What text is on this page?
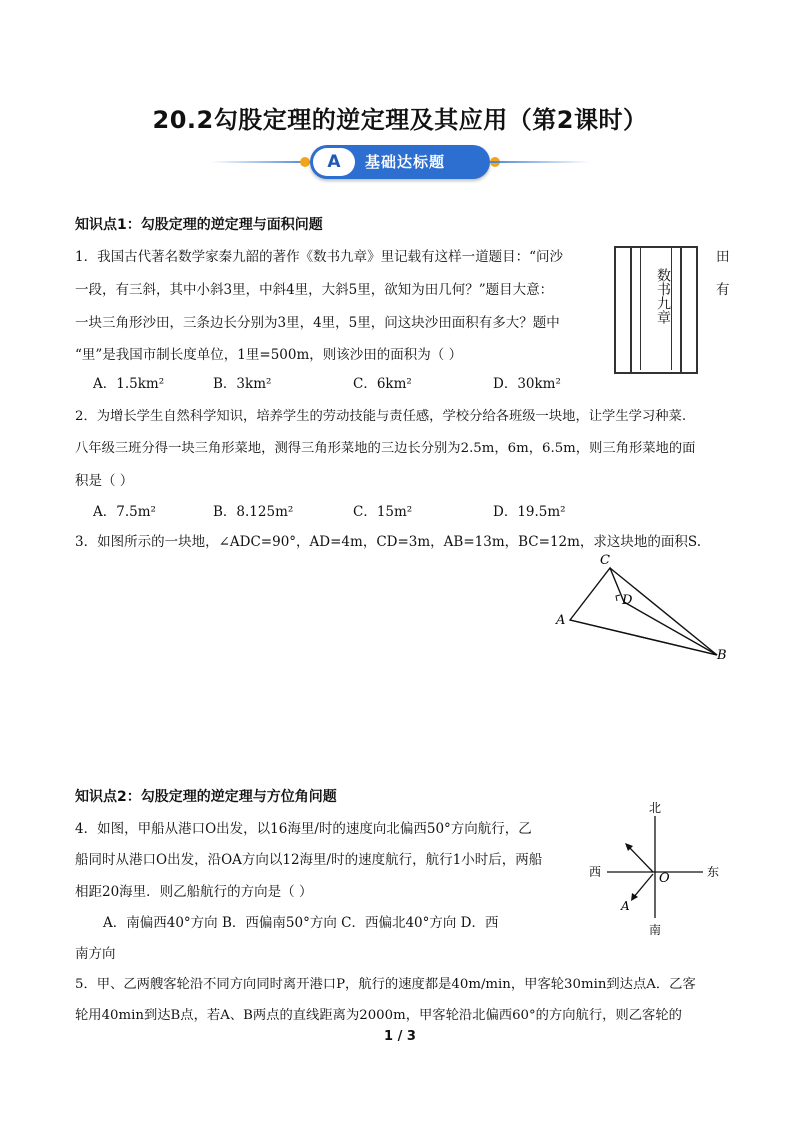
20.2勾股定理的逆定理及其应用（第2课时）
A	基础达标题
知识点1：勾股定理的逆定理与面积问题
1．我国古代著名数学家秦九韶的著作《数书九章》里记载有这样一道题目：“问沙
一段，有三斜，其中小斜3里，中斜4里，大斜5里，欲知为田几何？”题目大意：
一块三角形沙田，三条边长分别为3里，4里，5里，问这块沙田面积有多大？题中
“里”是我国市制长度单位，1里=500m，则该沙田的面积为（ ）
田
有
数书九章
A．1.5km²	B．3km²	C．6km²	D．30km²
2．为增长学生自然科学知识，培养学生的劳动技能与责任感，学校分给各班级一块地，让学生学习种菜.
八年级三班分得一块三角形菜地，测得三角形菜地的三边长分别为2.5m，6m，6.5m，则三角形菜地的面
积是（ ）
A．7.5m²	B．8.125m²	C．15m²	D．19.5m²
3．如图所示的一块地，∠ADC=90°，AD=4m，CD=3m，AB=13m，BC=12m，求这块地的面积S.
C
D
A
B
知识点2：勾股定理的逆定理与方位角问题
4．如图，甲船从港口O出发，以16海里/时的速度向北偏西50°方向航行，乙
船同时从港口O出发，沿OA方向以12海里/时的速度航行，航行1小时后，两船
相距20海里．则乙船航行的方向是（ ）
A．南偏西40°方向 B．西偏南50°方向 C．西偏北40°方向 D．西
南方向
北
南
西	东
O
A
5．甲、乙两艘客轮沿不同方向同时离开港口P，航行的速度都是40m/min，甲客轮30min到达点A．乙客
轮用40min到达B点，若A、B两点的直线距离为2000m，甲客轮沿北偏西60°的方向航行，则乙客轮的
1 / 3
